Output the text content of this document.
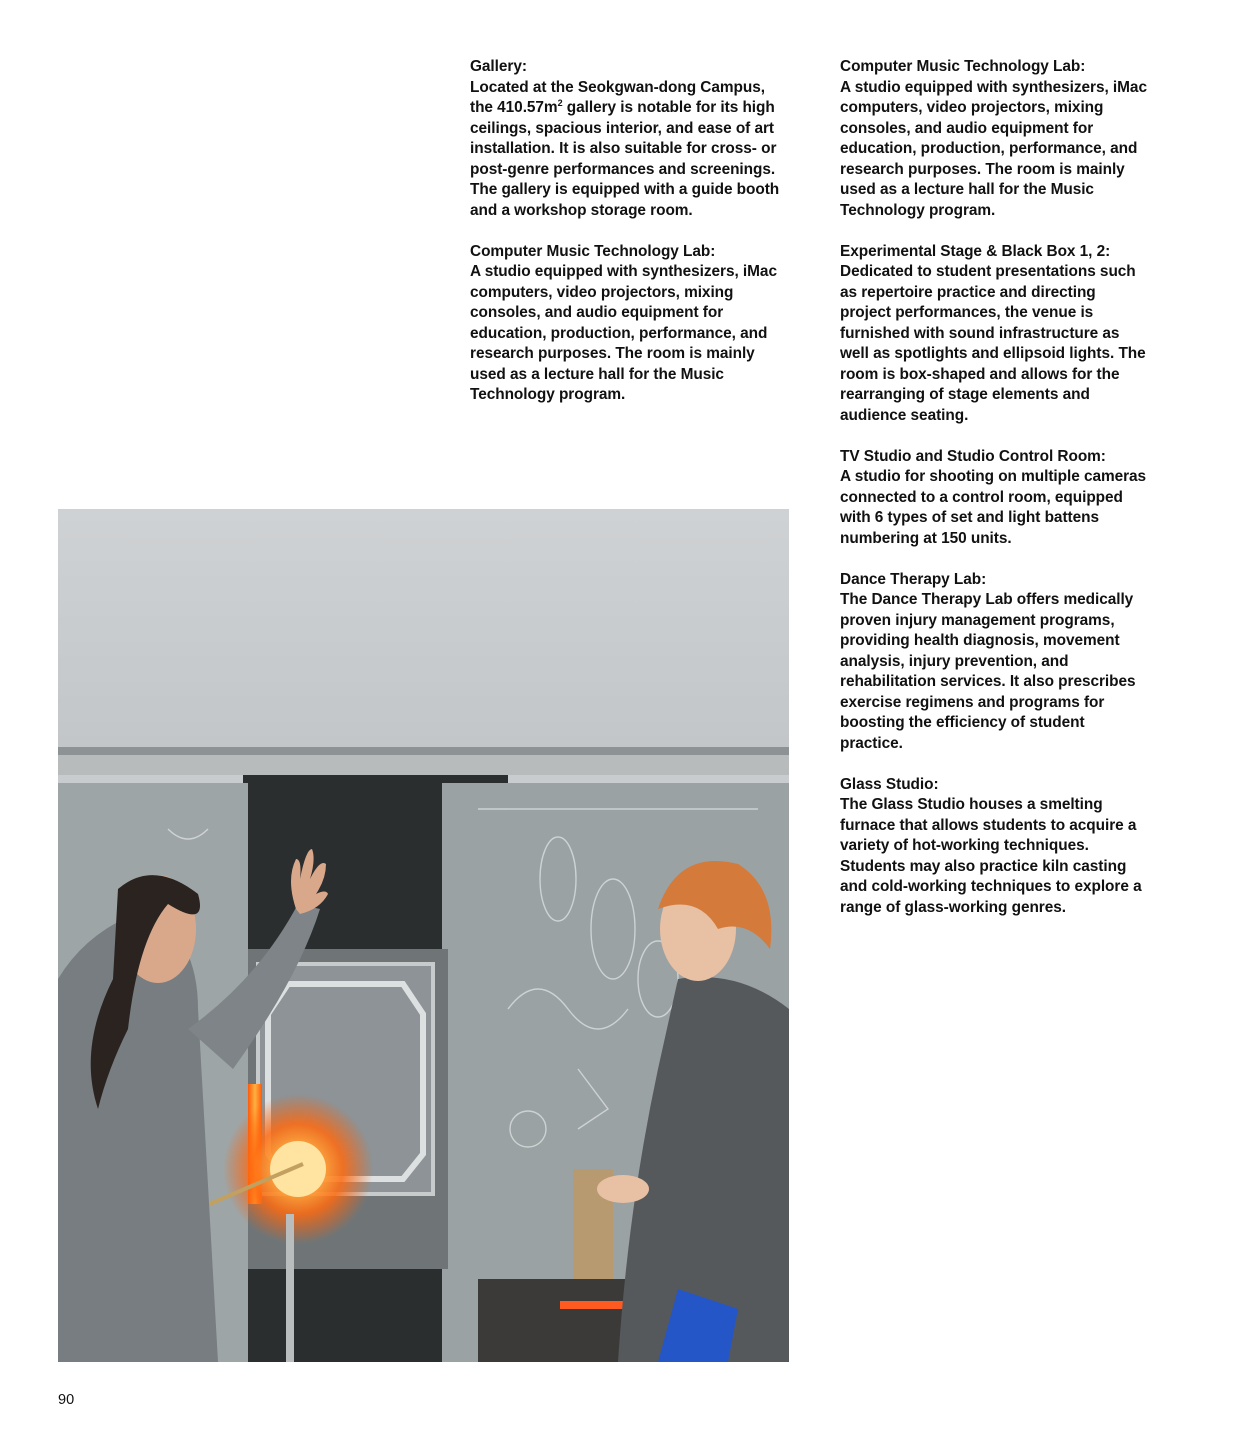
Gallery:

Located at the Seokgwan-dong Campus, the $410.57m^2$ gallery is notable for its high ceilings, spacious interior, and ease of art installation. It is also suitable for cross- or post-genre performances and screenings. The gallery is equipped with a guide booth and a workshop storage room.

Computer Music Technology Lab:

A studio equipped with synthesizers, iMac computers, video projectors, mixing consoles, and audio equipment for education, production, performance, and research purposes. The room is mainly used as a lecture hall for the Music Technology program.

Computer Music Technology Lab:

A studio equipped with synthesizers, iMac computers, video projectors, mixing consoles, and audio equipment for education, production, performance, and research purposes. The room is mainly used as a lecture hall for the Music Technology program.

Experimental Stage & Black Box 1, 2:

Dedicated to student presentations such as repertoire practice and directing project performances, the venue is furnished with sound infrastructure as well as spotlights and ellipsoid lights. The room is box-shaped and allows for the rearranging of stage elements and audience seating.

TV Studio and Studio Control Room:

A studio for shooting on multiple cameras connected to a control room, equipped with 6 types of set and light battens numbering at 150 units.

Dance Therapy Lab:

The Dance Therapy Lab offers medically proven injury management programs, providing health diagnosis, movement analysis, injury prevention, and rehabilitation services. It also prescribes exercise regimens and programs for boosting the efficiency of student practice.

Glass Studio:

The Glass Studio houses a smelting furnace that allows students to acquire a variety of hot-working techniques. Students may also practice kiln casting and cold-working techniques to explore a range of glass-working genres.

90
